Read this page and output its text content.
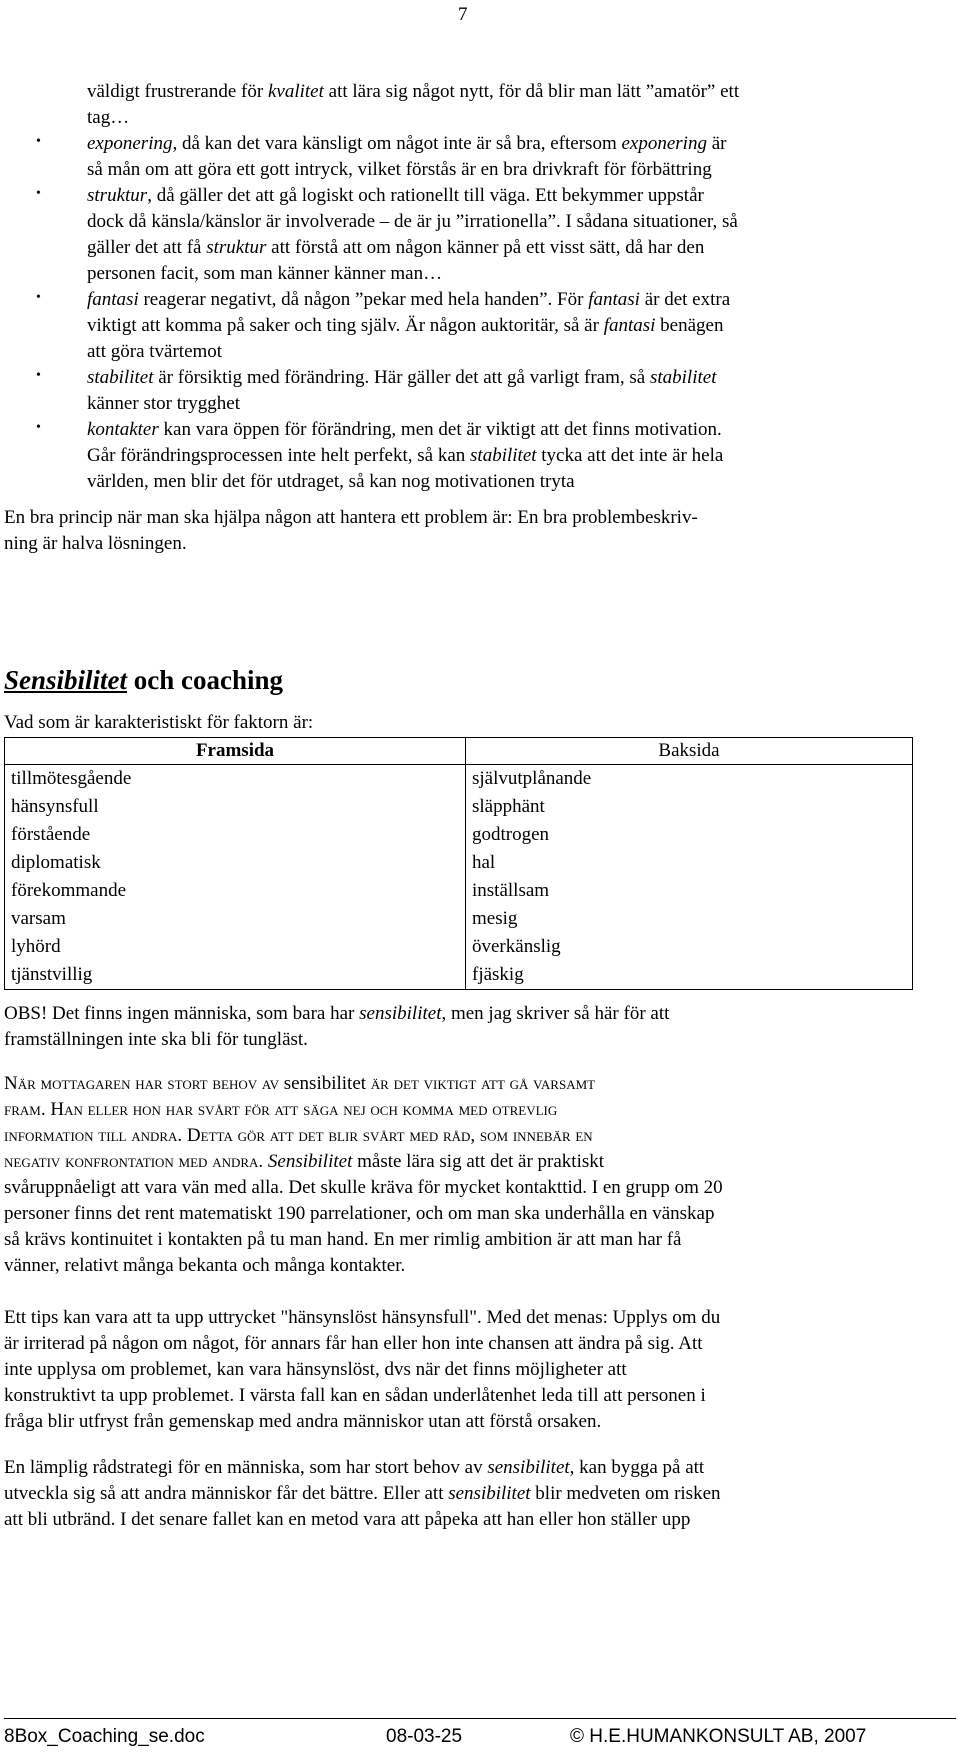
7
väldigt frustrerande för kvalitet att lära sig något nytt, för då blir man lätt ”amatör” ett
tag…
exponering, då kan det vara känsligt om något inte är så bra, eftersom exponering är
•
så mån om att göra ett gott intryck, vilket förstås är en bra drivkraft för förbättring
struktur, då gäller det att gå logiskt och rationellt till väga. Ett bekymmer uppstår
•
dock då känsla/känslor är involverade – de är ju ”irrationella”. I sådana situationer, så
gäller det att få struktur att förstå att om någon känner på ett visst sätt, då har den
personen facit, som man känner känner man…
fantasi reagerar negativt, då någon ”pekar med hela handen”. För fantasi är det extra
•
viktigt att komma på saker och ting själv. Är någon auktoritär, så är fantasi benägen
att göra tvärtemot
stabilitet är försiktig med förändring. Här gäller det att gå varligt fram, så stabilitet
•
känner stor trygghet
kontakter kan vara öppen för förändring, men det är viktigt att det finns motivation.
•
Går förändringsprocessen inte helt perfekt, så kan stabilitet tycka att det inte är hela
världen, men blir det för utdraget, så kan nog motivationen tryta
En bra princip när man ska hjälpa någon att hantera ett problem är: En bra problembeskriv-
ning är halva lösningen.
Sensibilitet och coaching
Vad som är karakteristiskt för faktorn är:
Framsida	Baksida
tillmötesgående	självutplånande
hänsynsfull	släpphänt
förstående	godtrogen
diplomatisk	hal
förekommande	inställsam
varsam	mesig
lyhörd	överkänslig
tjänstvillig	fjäskig
OBS! Det finns ingen människa, som bara har sensibilitet, men jag skriver så här för att
framställningen inte ska bli för tungläst.
När mottagaren har stort behov av sensibilitet är det viktigt att gå varsamt
fram. Han eller hon har svårt för att säga nej och komma med otrevlig
information till andra. Detta gör att det blir svårt med råd, som innebär en
negativ konfrontation med andra. Sensibilitet måste lära sig att det är praktiskt
svåruppnåeligt att vara vän med alla. Det skulle kräva för mycket kontakttid. I en grupp om 20
personer finns det rent matematiskt 190 parrelationer, och om man ska underhålla en vänskap
så krävs kontinuitet i kontakten på tu man hand. En mer rimlig ambition är att man har få
vänner, relativt många bekanta och många kontakter.
Ett tips kan vara att ta upp uttrycket "hänsynslöst hänsynsfull". Med det menas: Upplys om du
är irriterad på någon om något, för annars får han eller hon inte chansen att ändra på sig. Att
inte upplysa om problemet, kan vara hänsynslöst, dvs när det finns möjligheter att
konstruktivt ta upp problemet. I värsta fall kan en sådan underlåtenhet leda till att personen i
fråga blir utfryst från gemenskap med andra människor utan att förstå orsaken.
En lämplig rådstrategi för en människa, som har stort behov av sensibilitet, kan bygga på att
utveckla sig så att andra människor får det bättre. Eller att sensibilitet blir medveten om risken
att bli utbränd. I det senare fallet kan en metod vara att påpeka att han eller hon ställer upp
8Box_Coaching_se.doc	08-03-25	© H.E.HUMANKONSULT AB, 2007
